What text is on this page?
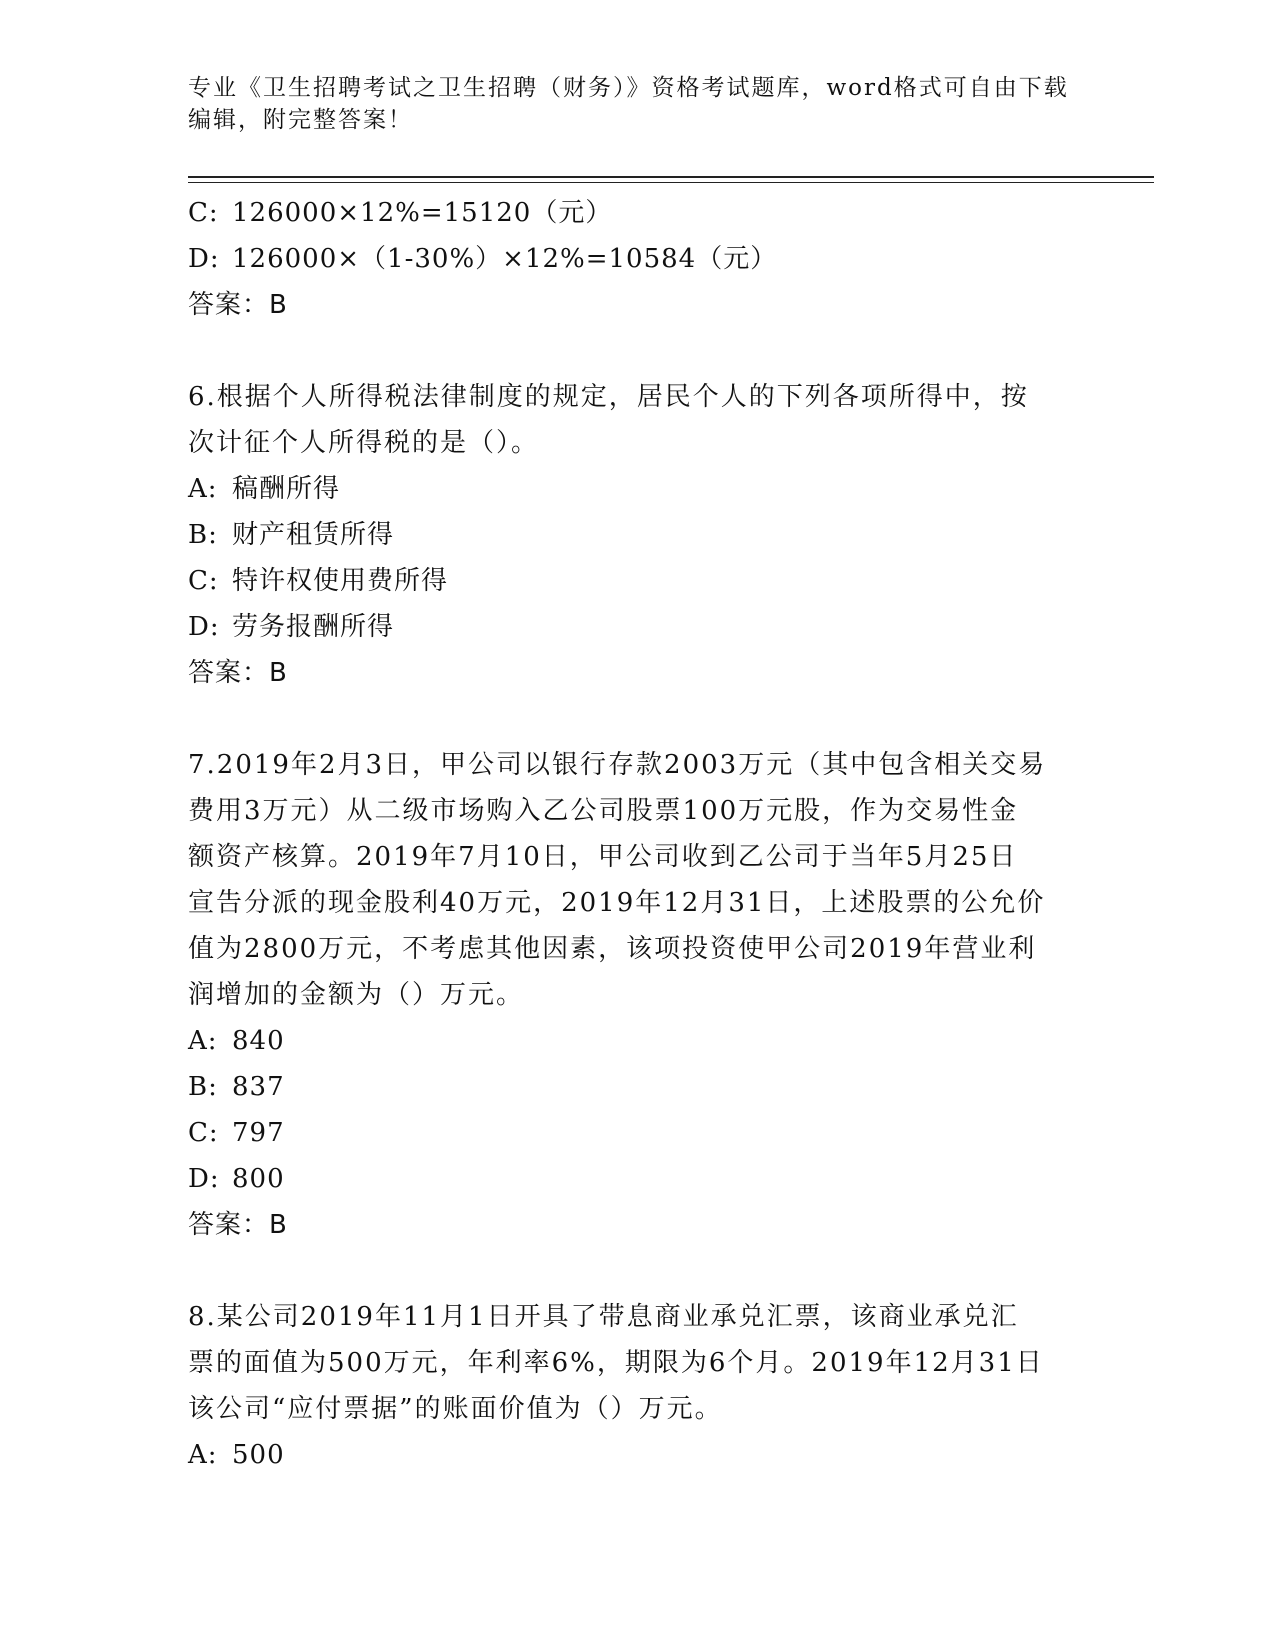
专业《卫生招聘考试之卫生招聘（财务）》资格考试题库，word格式可自由下载
编辑，附完整答案！
C: 126000×12%=15120（元）
D: 126000×（1-30%）×12%=10584（元）
答案：B
6.根据个人所得税法律制度的规定，居民个人的下列各项所得中，按
次计征个人所得税的是（）。
A: 稿酬所得
B: 财产租赁所得
C: 特许权使用费所得
D: 劳务报酬所得
答案：B
7.2019年2月3日，甲公司以银行存款2003万元（其中包含相关交易
费用3万元）从二级市场购入乙公司股票100万元股，作为交易性金
额资产核算。2019年7月10日，甲公司收到乙公司于当年5月25日
宣告分派的现金股利40万元，2019年12月31日，上述股票的公允价
值为2800万元，不考虑其他因素，该项投资使甲公司2019年营业利
润增加的金额为（）万元。
A: 840
B: 837
C: 797
D: 800
答案：B
8.某公司2019年11月1日开具了带息商业承兑汇票，该商业承兑汇
票的面值为500万元，年利率6%，期限为6个月。2019年12月31日
该公司“应付票据”的账面价值为（）万元。
A: 500
